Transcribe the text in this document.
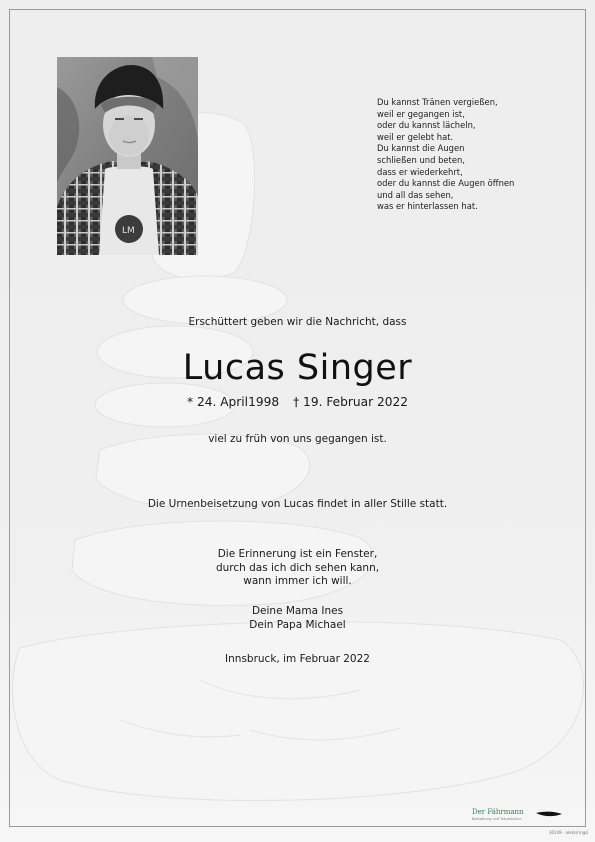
LM
Du kannst Tränen vergießen,
weil er gegangen ist,
oder du kannst lächeln,
weil er gelebt hat.
Du kannst die Augen
schließen und beten,
dass er wiederkehrt,
oder du kannst die Augen öffnen
und all das sehen,
was er hinterlassen hat.
Erschüttert geben wir die Nachricht, dass
Lucas Singer
* 24. April1998 † 19. Februar 2022
viel zu früh von uns gegangen ist.
Die Urnenbeisetzung von Lucas findet in aller Stille statt.
Die Erinnerung ist ein Fenster,
durch das ich dich sehen kann,
wann immer ich will.
Deine Mama Ines
Dein Papa Michael
Innsbruck, im Februar 2022
Der Fährmann
Bestattung und Trauerkultur
30149 · aleks/ringsi
